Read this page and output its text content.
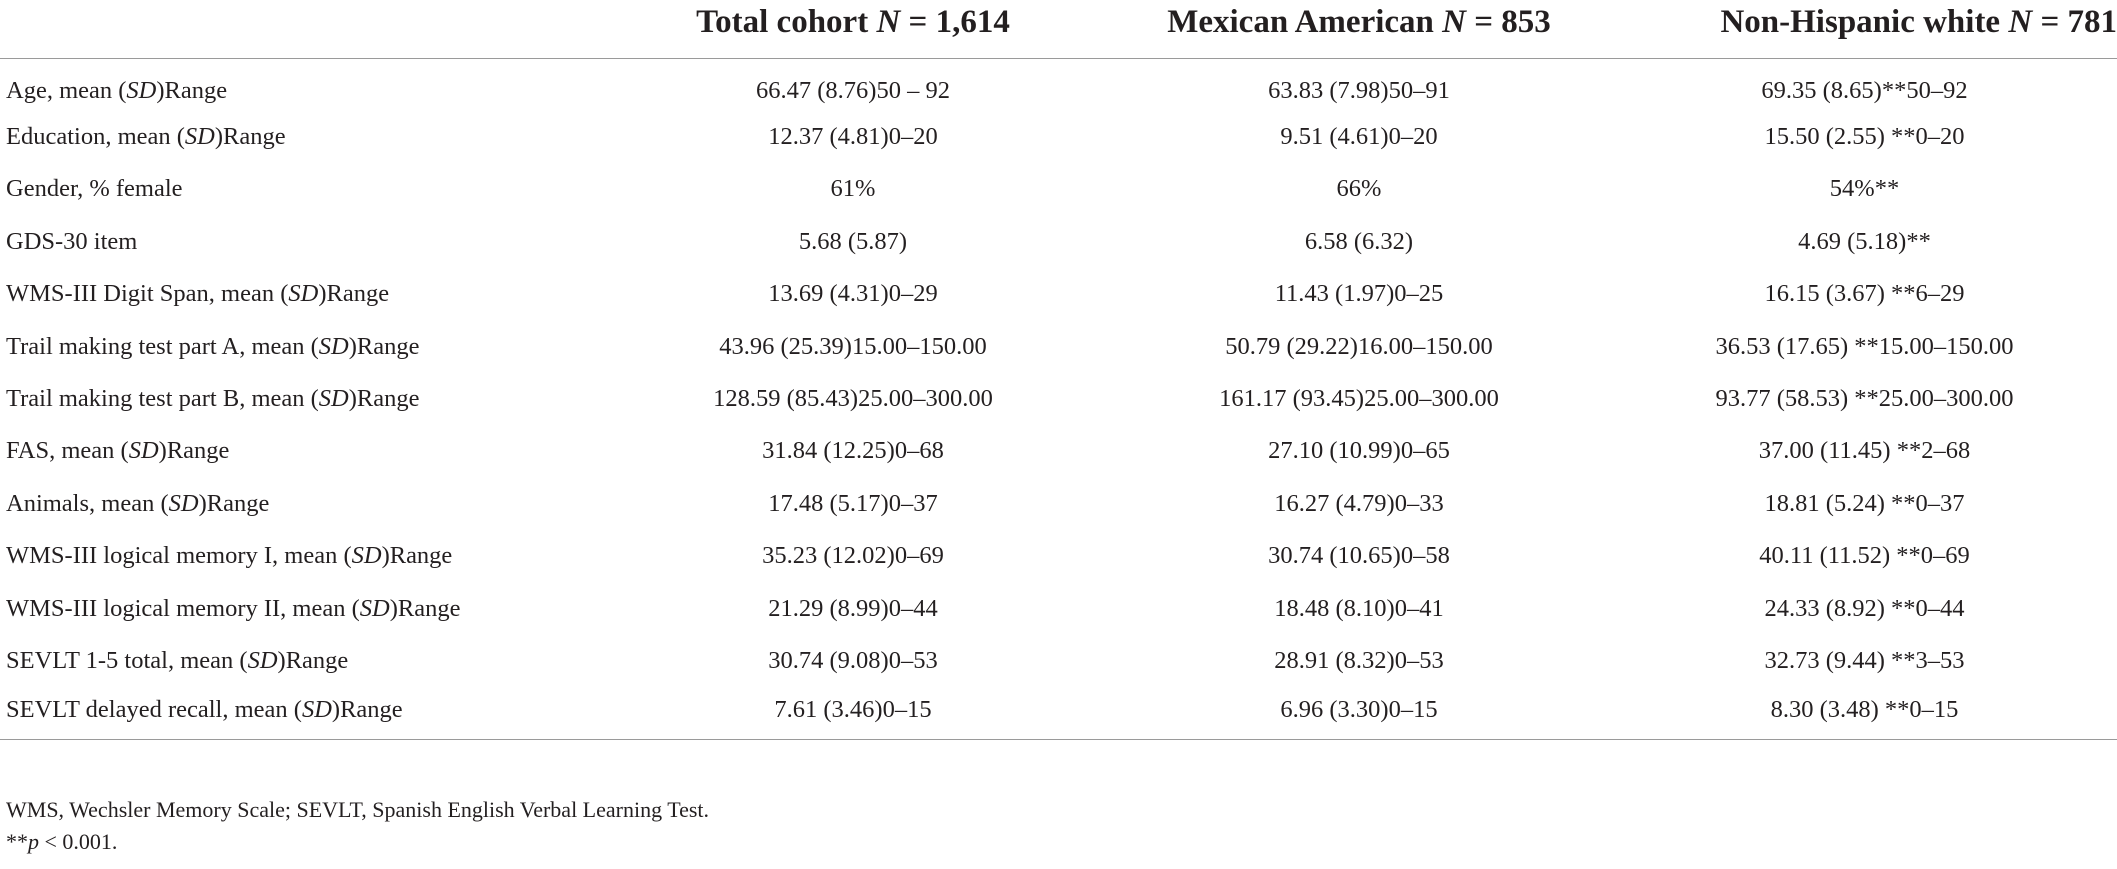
	Total cohort N = 1,614	Mexican American N = 853	Non-Hispanic white N = 781
Age, mean (SD)Range	66.47 (8.76)50 – 92	63.83 (7.98)50–91	69.35 (8.65)**50–92
Education, mean (SD)Range	12.37 (4.81)0–20	9.51 (4.61)0–20	15.50 (2.55) **0–20
Gender, % female	61%	66%	54%**
GDS-30 item	5.68 (5.87)	6.58 (6.32)	4.69 (5.18)**
WMS-III Digit Span, mean (SD)Range	13.69 (4.31)0–29	11.43 (1.97)0–25	16.15 (3.67) **6–29
Trail making test part A, mean (SD)Range	43.96 (25.39)15.00–150.00	50.79 (29.22)16.00–150.00	36.53 (17.65) **15.00–150.00
Trail making test part B, mean (SD)Range	128.59 (85.43)25.00–300.00	161.17 (93.45)25.00–300.00	93.77 (58.53) **25.00–300.00
FAS, mean (SD)Range	31.84 (12.25)0–68	27.10 (10.99)0–65	37.00 (11.45) **2–68
Animals, mean (SD)Range	17.48 (5.17)0–37	16.27 (4.79)0–33	18.81 (5.24) **0–37
WMS-III logical memory I, mean (SD)Range	35.23 (12.02)0–69	30.74 (10.65)0–58	40.11 (11.52) **0–69
WMS-III logical memory II, mean (SD)Range	21.29 (8.99)0–44	18.48 (8.10)0–41	24.33 (8.92) **0–44
SEVLT 1-5 total, mean (SD)Range	30.74 (9.08)0–53	28.91 (8.32)0–53	32.73 (9.44) **3–53
SEVLT delayed recall, mean (SD)Range	7.61 (3.46)0–15	6.96 (3.30)0–15	8.30 (3.48) **0–15

WMS, Wechsler Memory Scale; SEVLT, Spanish English Verbal Learning Test.

**p < 0.001.
